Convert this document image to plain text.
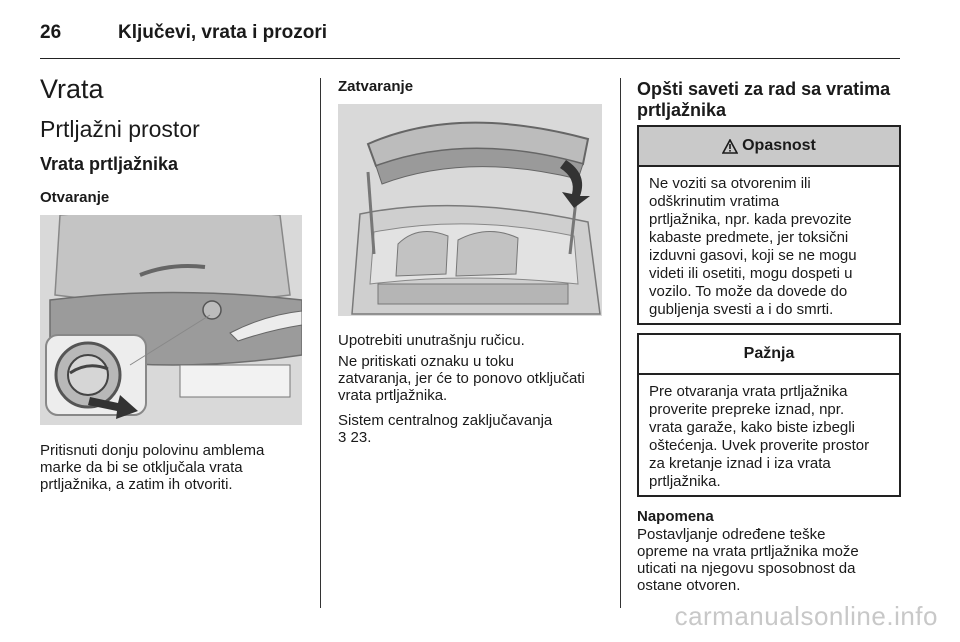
26	Ključevi, vrata i prozori
Vrata
Prtljažni prostor
Vrata prtljažnika
Otvaranje
Pritisnuti donju polovinu amblema
marke da bi se otključala vrata
prtljažnika, a zatim ih otvoriti.
Zatvaranje
Upotrebiti unutrašnju ručicu.
Ne pritiskati oznaku u toku
zatvaranja, jer će to ponovo otključati
vrata prtljažnika.
Sistem centralnog zaključavanja
3 23.
Opšti saveti za rad sa vratima
prtljažnika
Opasnost
Ne voziti sa otvorenim ili
odškrinutim vratima
prtljažnika, npr. kada prevozite
kabaste predmete, jer toksični
izduvni gasovi, koji se ne mogu
videti ili osetiti, mogu dospeti u
vozilo. To može da dovede do
gubljenja svesti a i do smrti.
Pažnja
Pre otvaranja vrata prtljažnika
proverite prepreke iznad, npr.
vrata garaže, kako biste izbegli
oštećenja. Uvek proverite prostor
za kretanje iznad i iza vrata
prtljažnika.
Napomena
Postavljanje određene teške
opreme na vrata prtljažnika može
uticati na njegovu sposobnost da
ostane otvoren.
carmanualsonline.info
